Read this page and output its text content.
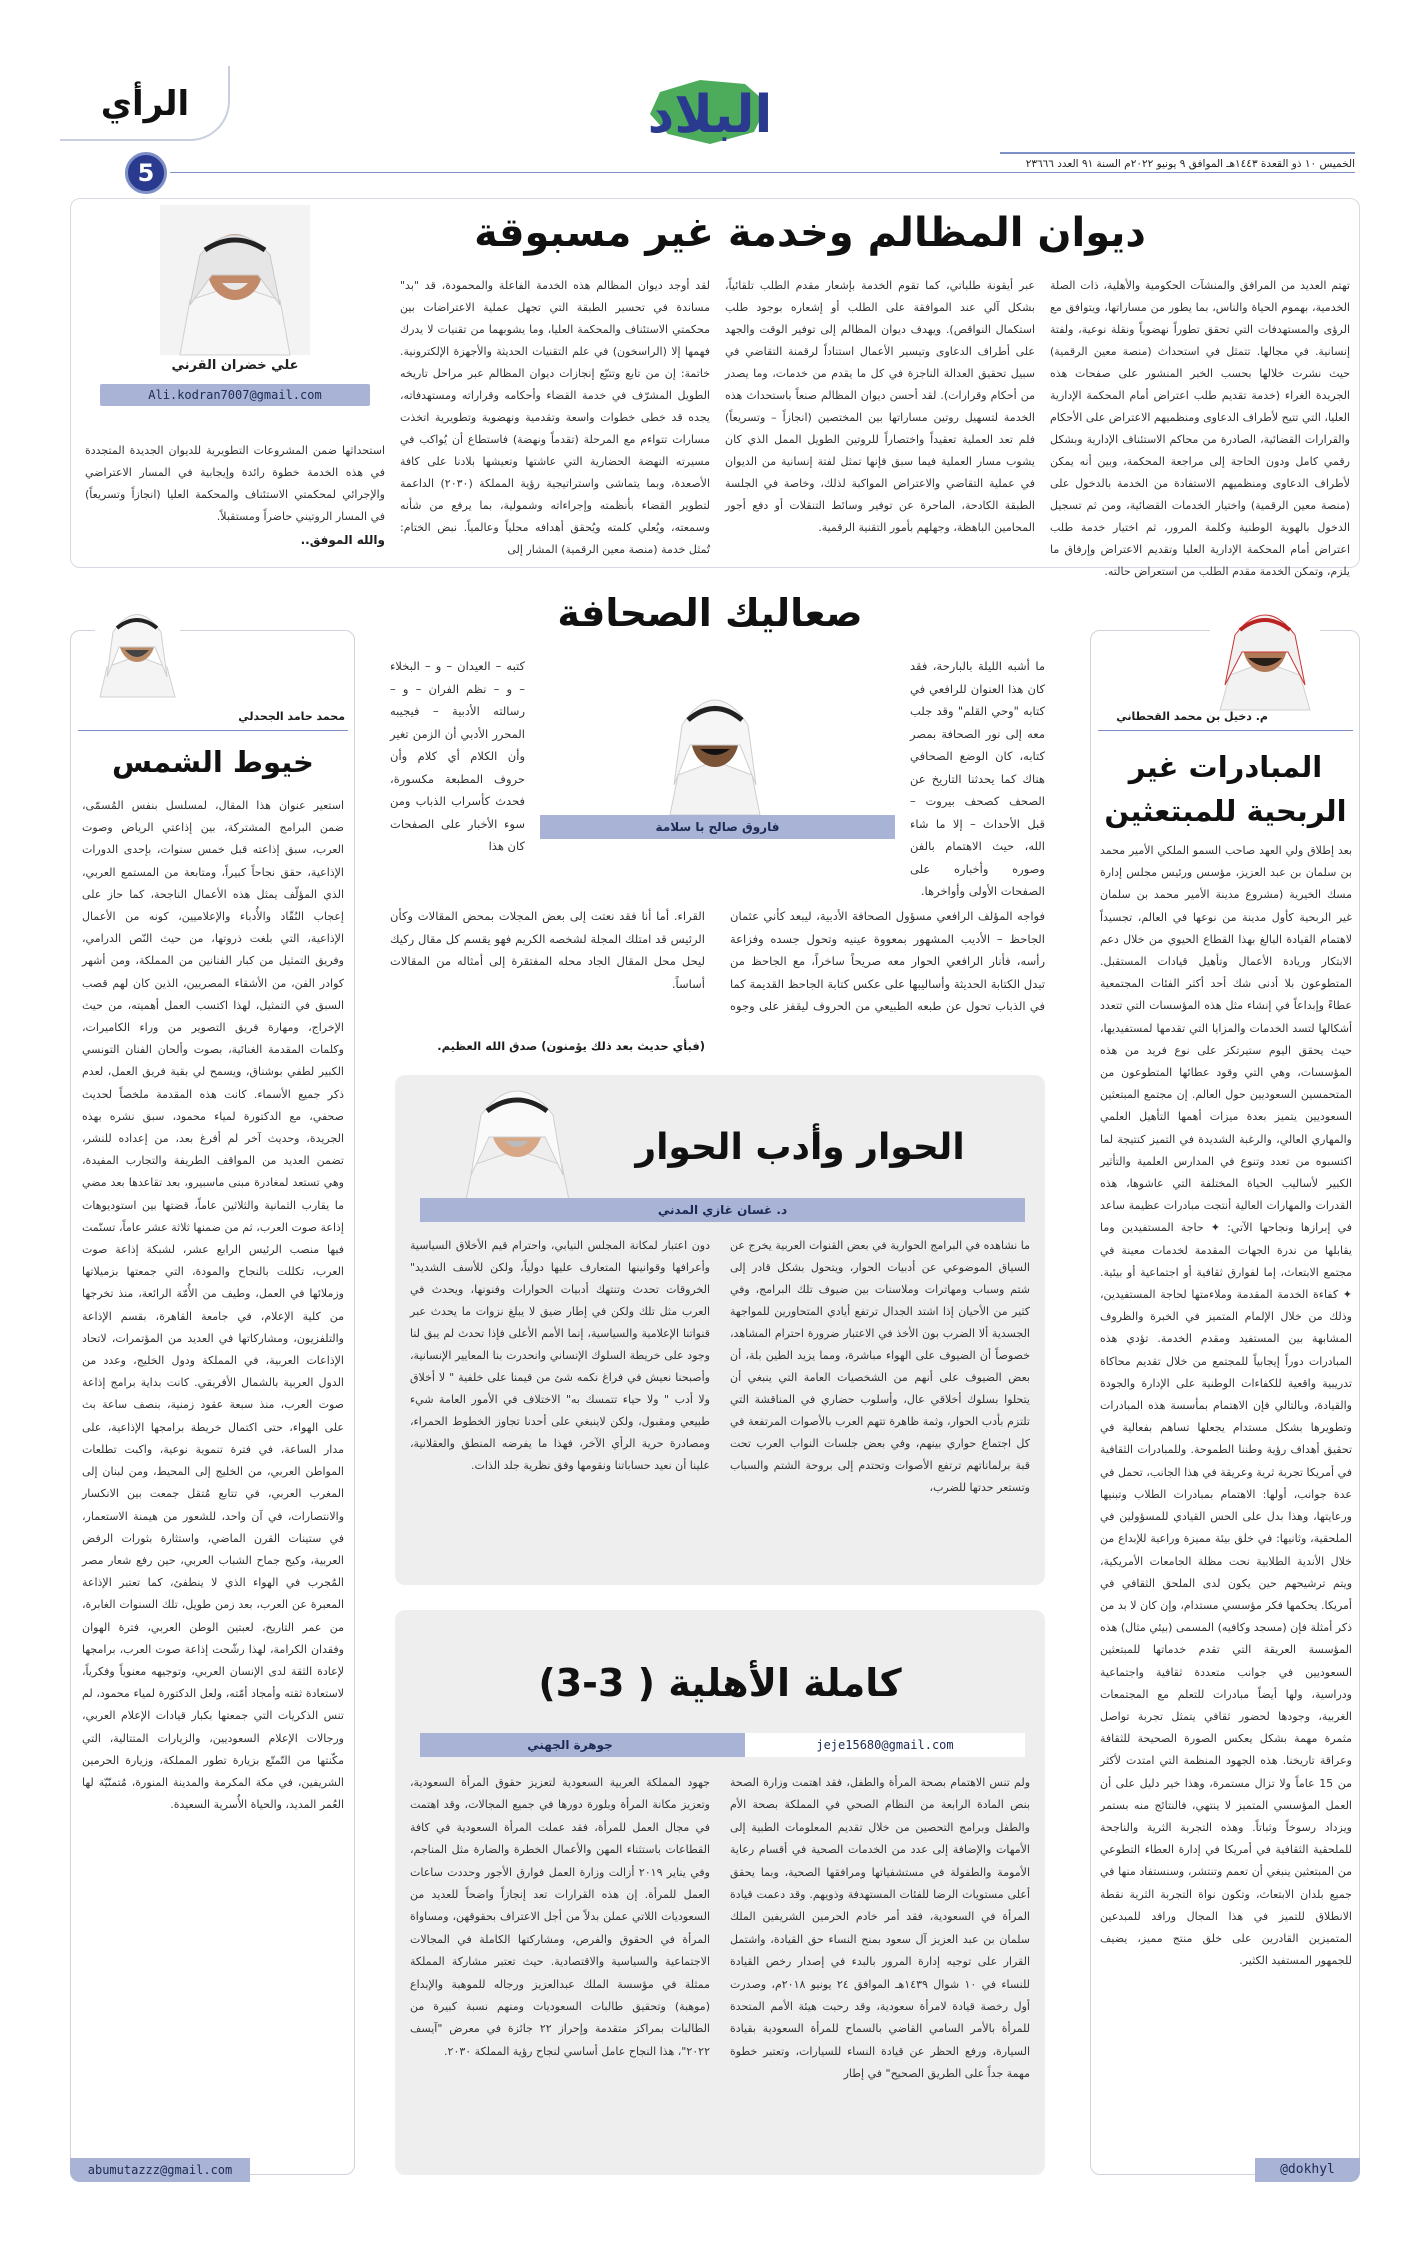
الخميس ١٠ ذو القعدة ١٤٤٣هـ الموافق ٩ يونيو ٢٠٢٢م السنة ٩١ العدد ٢٣٦٦٦
البلاد
الرأي
5
ديوان المظالم وخدمة غير مسبوقة
علي خضران القرني
Ali.kodran7007@gmail.com
تهتم العديد من المرافق والمنشآت الحكومية والأهلية، ذات الصلة الخدمية، بهموم الحياة والناس، بما يطور من مساراتها، ويتوافق مع الرؤى والمستهدفات التي تحقق تطوراً نهضوياً ونقلة نوعية، ولفتة إنسانية. في مجالها. تتمثل في استحداث (منصة معين الرقمية) حيث نشرت خلالها بحسب الخبر المنشور على صفحات هذه الجريدة الغراء (خدمة تقديم طلب اعتراض أمام المحكمة الإدارية العليا، التي تتيح لأطراف الدعاوى ومنظميهم الاعتراض على الأحكام والقرارات القضائية، الصادرة من محاكم الاستئناف الإدارية وبشكل رقمي كامل ودون الحاجة إلى مراجعة المحكمة، وبين أنه يمكن لأطراف الدعاوى ومنظميهم الاستفادة من الخدمة بالدخول على (منصة معين الرقمية) واختيار الخدمات القضائية، ومن ثم تسجيل الدخول بالهوية الوطنية وكلمة المرور، ثم اختيار خدمة طلب اعتراض أمام المحكمة الإدارية العليا وتقديم الاعتراض وإرفاق ما يلزم، وتمكن الخدمة مقدم الطلب من استعراض حالته.
عبر أيقونة طلباتي، كما تقوم الخدمة بإشعار مقدم الطلب تلقائياً، بشكل آلي عند الموافقة على الطلب أو إشعاره بوجود طلب استكمال النواقص). ويهدف ديوان المظالم إلى توفير الوقت والجهد على أطراف الدعاوى وتيسير الأعمال استناداً لرقمنة التقاضي في سبيل تحقيق العدالة الناجزة في كل ما يقدم من خدمات، وما يصدر من أحكام وقرارات). لقد أحسن ديوان المظالم صنعاً باستحداث هذه الخدمة لتسهيل روتين مساراتها بين المختصين (انجازاً – وتسريعاً) فلم تعد العملية تعقيداً واختصاراً للروتين الطويل الممل الذي كان يشوب مسار العملية فيما سبق فإنها تمثل لفتة إنسانية من الديوان في عملية التقاضي والاعتراض المواكبة لذلك، وخاصة في الجلسة الطبقة الكادحة، الماحرة عن توفير وسائط التنقلات أو دفع أجور المحامين الباهظة، وجهلهم بأمور التقنية الرقمية.
لقد أوجد ديوان المظالم هذه الخدمة الفاعلة والمحمودة، قد "بد" مساندة في تحسير الطبقة التي تجهل عملية الاعتراضات بين محكمتي الاستئناف والمحكمة العليا، وما يشوبهما من تقنيات لا يدرك فهمها إلا (الراسخون) في علم التقنيات الحديثة والأجهزة الإلكترونية. خاتمة: إن من تابع وتتبّع إنجازات ديوان المظالم عبر مراحل تاريخه الطويل المشرّف في خدمة القضاء وأحكامه وقراراته ومستهدفاته، يجده قد خطى خطوات واسعة وتقدمية ونهضوية وتطويرية اتخذت مسارات تتواءم مع المرحلة (تقدماً ونهضة) فاستطاع أن يُواكب في مسيرته النهضة الحضارية التي عاشتها وتعيشها بلادنا على كافة الأصعدة، وبما يتماشى واستراتيجية رؤية المملكة (٢٠٣٠) الداعمة لتطوير القضاء بأنظمته وإجراءاته وشمولية، بما يرفع من شأنه وسمعته، ويُعلي كلمته ويُحقق أهدافه محلياً وعالمياً. نبض الختام: تُمثل خدمة (منصة معين الرقمية) المشار إلى
استحداثها ضمن المشروعات التطويرية للديوان الجديدة المتجددة في هذه الخدمة خطوة رائدة وإيجابية في المسار الاعتراضي والإجرائي لمحكمتي الاستئناف والمحكمة العليا (انجازاً وتسريعاً) في المسار الروتيني حاضراً ومستقبلاً.
والله الموفق..
م. دخيل بن محمد القحطاني
المبادرات غير الربحية للمبتعثين
بعد إطلاق ولي العهد صاحب السمو الملكي الأمير محمد بن سلمان بن عبد العزيز، مؤسس ورئيس مجلس إدارة مسك الخيرية (مشروع مدينة الأمير محمد بن سلمان غير الربحية كأول مدينة من نوعها في العالم، تجسيداً لاهتمام القيادة البالغ بهذا القطاع الحيوي من خلال دعم الابتكار وريادة الأعمال وتأهيل قيادات المستقبل. المتطوعون بلا أدنى شك أحد أكثر الفئات المجتمعية عطاءً وإبداعاً في إنشاء مثل هذه المؤسسات التي تتعدد أشكالها لتسد الخدمات والمزايا التي تقدمها لمستفيديها، حيث يحقق اليوم ستيرتكز على نوع فريد من هذه المؤسسات، وهي التي وقود عطائها المتطوعون من المتحمسين السعوديين حول العالم. إن مجتمع المبتعثين السعوديين يتميز بعدة ميزات أهمها التأهيل العلمي والمهاري العالي، والرغبة الشديدة في التميز كنتيجة لما اكتسبوه من تعدد وتنوع في المدارس العلمية والتأثير الكبير لأساليب الحياة المختلفة التي عاشوها، هذه القدرات والمهارات العالية أنتجت مبادرات عظيمة ساعد في إبرازها ونجاحها الآتي: ✦ حاجة المستفيدين وما يقابلها من ندرة الجهات المقدمة لخدمات معينة في مجتمع الابتعاث، إما لفوارق ثقافية أو اجتماعية أو بيئية. ✦ كفاءة الخدمة المقدمة وملاءمتها لحاجة المستفيدين، وذلك من خلال الإلمام المتميز في الخبرة والظروف المشابهة بين المستفيد ومقدم الخدمة. تؤدي هذه المبادرات دوراً إيجابياً للمجتمع من خلال تقديم محاكاة تدريبية واقعية للكفاءات الوطنية على الإدارة والجودة والقيادة، وبالتالي فإن الاهتمام بمأسسة هذه المبادرات وتطويرها بشكل مستدام يجعلها تساهم بفعالية في تحقيق أهداف رؤية وطننا الطموحة. وللمبادرات الثقافية في أمريكا تجربة ثرية وعريقة في هذا الجانب، تحمل في عدة جوانب، أولها: الاهتمام بمبادرات الطلاب وتبنيها ورعايتها، وهذا بدل على الحس القيادي للمسؤولين في الملحقية، وثانيها: في خلق بيئة مميزة وراعية للإبداع من خلال الأندية الطلابية نحت مظلة الجامعات الأمريكية، ويتم ترشيحهم حين يكون لدى الملحق الثقافي في أمريكا. يحكمها فكر مؤسسي مستدام، وإن كان لا بد من ذكر أمثلة فإن (مسجد وكافيه) المسمى (بيئي مثال) هذه المؤسسة العريقة التي تقدم خدماتها للمبتعثين السعوديين في جوانب متعددة ثقافية واجتماعية ودراسية، ولها أيضاً مبادرات للتعلم مع المجتمعات الغربية، وجودها لحضور ثقافي يتمثل تجربة تواصل مثمرة مهمة بشكل يعكس الصورة الصحيحة للثقافة وعراقة تاريخنا. هذه الجهود المنظمة التي امتدت لأكثر من 15 عاماً ولا تزال مستمرة، وهذا خير دليل على أن العمل المؤسسي المتميز لا ينتهي، فالنتائج منه بستمر ويزداد رسوخاً وثباتاً. وهذه التجربة الثرية والناجحة للملحقية الثقافية في أمريكا في إدارة العطاء التطوعي من المبتعثين ينبغي أن تعمم وتنتشر، وسنستفاد منها في جميع بلدان الابتعاث، وتكون نواة التجربة الثرية نقطة الانطلاق للتميز في هذا المجال ورافد للمبدعين المتميزين القادرين على خلق منتج مميز، يضيف للجمهور المستفيد الكثير.
@dokhyl
محمد حامد الجحدلي
خيوط الشمس
استعير عنوان هذا المقال، لمسلسل بنفس المُسمّى، ضمن البرامج المشتركة، بين إذاعتي الرياض وصوت العرب، سبق إذاعته قبل خمس سنوات، بإحدى الدورات الإذاعية، حقق نجاحاً كبيراً، ومتابعة من المستمع العربي، الذي المؤلّف يمثل هذه الأعمال الناجحة، كما حاز على إعجاب النُقّاد والأُدباء والإعلاميين، كونه من الأعمال الإذاعية، التي بلغت ذروتها، من حيث النّص الدرامي، وفريق التمثيل من كبار الفنانين من المملكة، ومن أشهر كوادر الفن، من الأشقاء المصريين، الذين كان لهم قصب السبق في التمثيل، لهذا اكتسب العمل أهميته، من حيث الإخراج، ومهارة فريق التصوير من وراء الكاميرات، وكلمات المقدمة الغنائية، بصوت وألحان الفنان التونسي الكبير لطفي بوشناق، ويسمح لي بقية فريق العمل، لعدم ذكر جميع الأسماء. كانت هذه المقدمة ملخصاً لحديث صحفي، مع الدكتورة لمياء محمود، سبق نشره بهذه الجريدة، وحديث آخر لم أفرغ بعد، من إعداده للنشر، تضمن العديد من المواقف الطريفة والتجارب المفيدة، وهي تستعد لمغادرة مبنى ماسبيرو، بعد تقاعدها بعد مضي ما يقارب الثمانية والثلاثين عاماً، قضتها بين استوديوهات إذاعة صوت العرب، ثم من ضمنها ثلاثة عشر عاماً، تسنّمت فيها منصب الرئيس الرابع عشر، لشبكة إذاعة صوت العرب، تكللت بالنجاح والمودة، التي جمعتها بزميلاتها وزملائها في العمل، وطيف من الأُمّة الرائعة، منذ تخرجها من كلية الإعلام، في جامعة القاهرة، بقسم الإذاعة والتلفزيون، ومشاركاتها في العديد من المؤتمرات، لاتحاد الإذاعات العربية، في المملكة ودول الخليج، وعدد من الدول العربية بالشمال الأفريقي. كانت بداية برامج إذاعة صوت العرب، منذ سبعة عقود زمنية، بنصف ساعة بث على الهواء، حتى اكتمال خريطة برامجها الإذاعية، على مدار الساعة، في فترة تنموية نوعية، واكبت تطلعات المواطن العربي، من الخليج إلى المحيط، ومن لبنان إلى المغرب العربي، في تتابع مُتقل جمعت بين الانكسار والانتصارات، في آن واحد، للشعور من هيمنة الاستعمار، في ستينات القرن الماضي، واستثارة بثورات الرفض العربية، وكيح جماح الشباب العربي، حين رفع شعار مصر المُجرب في الهواء الذي لا ينطفئ، كما تعتبر الإذاعة المعبرة عن العرب، بعد زمن طويل، تلك السنوات الغابرة، من عمر التاريخ، لعبتين الوطن العربي، فترة الهوان وفقدان الكرامة، لهذا رشّحت إذاعة صوت العرب، برامجها لإعادة الثقة لدى الإنسان العربي، وتوجيهه معنوياً وفكرياً، لاستعادة ثقته وأمجاد أمّته، ولعل الدكتورة لمياء محمود، لم تنس الذكريات التي جمعتها بكبار قيادات الإعلام العربي، ورجالات الإعلام السعوديين، والزيارات المتتالية، التي مكّنتها من التّمتّع بزيارة تطور المملكة، وزيارة الحرمين الشريفين، في مكة المكرمة والمدينة المنورة، مُتمنّيّة لها العُمر المديد، والحياة الأُسرية السعيدة.
abumutazzz@gmail.com
صعاليك الصحافة
ما أشبه الليلة بالبارحة، فقد كان هذا العنوان للرافعي في كتابه "وحي القلم" وقد جلب معه إلى نور الصحافة بمصر كتابه، كان الوضع الصحافي هناك كما يحدثنا التاريخ عن الصحف كصحف بيروت – قبل الأحداث – إلا ما شاء الله، حيث الاهتمام بالفن وصوره وأخباره على الصفحات الأولى وأواخرها.
فاروق صالح با سلامة
كتبه – العيدان – و – البخلاء – و – نظم الفران – و – رسالته الأدبية – فيجيبه المحرر الأدبي أن الزمن تغير وأن الكلام أي كلام وأن حروف المطبعة مكسورة، فحدث كأسراب الذباب ومن سوء الأخبار على الصفحات كان هذا
فواجه المؤلف الرافعي مسؤول الصحافة الأدبية، ليبعد كأني عثمان الجاحظ – الأديب المشهور بمعووة عينيه وتحول جسده وفزاعة رأسه، فأنار الرافعي الحوار معه صريحاً ساخراً، مع الجاحظ من تبدل الكتابة الحديثة وأساليبها على عكس كتابة الجاحظ القديمة كما في الذباب تحول عن طبعه الطبيعي من الحروف ليقفز على وجوه القراء. أما أنا فقد نعتت إلى بعض المجلات بمحض المقالات وكأن الرئيس قد امتلك المجلة لشخصه الكريم فهو يقسم كل مقال ركيك ليحل محل المقال الجاد محله المفتقرة إلى أمثاله من المقالات أساساً.
(فبأي حديث بعد ذلك يؤمنون) صدق الله العظيم.
الحوار وأدب الحوار
د. غسان غازي المدني
ما نشاهده في البرامج الحوارية في بعض القنوات العربية يخرج عن السياق الموضوعي عن أدبيات الحوار، ويتحول بشكل قادر إلى شتم وسباب ومهاترات وملاسنات بين ضيوف تلك البرامج، وفي كثير من الأحيان إذا اشتد الجدال ترتفع أيادي المتحاورين للمواجهة الجسدية ألا الضرب بون الأخذ في الاعتبار ضرورة احترام المشاهد، خصوصاً أن الضيوف على الهواء مباشرة، ومما يزيد الطين بلة، أن بعض الضيوف على أنهم من الشخصيات العامة التي ينبغي أن يتحلوا بسلوك أخلاقي عال، وأسلوب حضاري في المناقشة التي تلتزم بأدب الحوار، وثمة ظاهرة تتهم العرب بالأصوات المرتفعة في كل اجتماع حواري بينهم، وفي بعض جلسات النواب العرب تحت قبة برلماناتهم ترتفع الأصوات وتحتدم إلى بروحة الشتم والسباب وتستعر حدتها للضرب،
دون اعتبار لمكانة المجلس النيابي، واحترام قيم الأخلاق السياسية وأعرافها وقوانينها المتعارف عليها دولياً، ولكن للأسف الشديد" الخروقات تحدث وتنتهك أدبيات الحوارات وفنونها، ويحدث في العرب مثل تلك ولكن في إطار ضيق لا يبلغ نزوات ما يحدث عبر قنواتنا الإعلامية والسياسية، إنما الأمم الأعلى فإذا تحدث لم يبق لنا وجود على خريطة السلوك الإنساني وانحدرت بنا المعايير الإنسانية، وأصبحنا نعيش في فراغ نكمه شئ من قيمنا على خلفية " لا أخلاق ولا أدب " ولا حياء تتمسك به" الاختلاف في الأمور العامة شيء طبيعي ومقبول، ولكن لاينبغي على أحدنا تجاوز الخطوط الحمراء، ومصادرة حرية الرأي الآخر، فهذا ما يفرضه المنطق والعقلانية، علينا أن نعيد حساباتنا ونقومها وفق نظرية جلد الذات.
كاملة الأهلية ( 3-3)
جوهرة الجهني	jeje15680@gmail.com
ولم تنس الاهتمام بصحة المرأة والطفل، فقد اهتمت وزارة الصحة بنص المادة الرابعة من النظام الصحي في المملكة بصحة الأم والطفل وبرامج التحصين من خلال تقديم المعلومات الطبية إلى الأمهات والإضافة إلى عدد من الخدمات الصحية في أقسام رعاية الأمومة والطفولة في مستشفياتها ومرافقها الصحية، وبما يحقق أعلى مستويات الرضا للفئات المستهدفة وذويهم. وقد دعمت قيادة المرأة في السعودية، فقد أمر خادم الحرمين الشريفين الملك سلمان بن عبد العزيز آل سعود بمنح النساء حق القيادة، واشتمل القرار على توجيه إدارة المرور بالبدء في إصدار رخص القيادة للنساء في ١٠ شوال ١٤٣٩هـ الموافق ٢٤ يونيو ٢٠١٨م، وصدرت أول رخصة قيادة لامرأة سعودية، وقد رحبت هيئة الأمم المتحدة للمرأة بالأمر السامي القاضي بالسماح للمرأة السعودية بقيادة السيارة، ورفع الحظر عن قيادة النساء للسيارات، وتعتبر خطوة مهمة جداً على الطريق الصحيح" في إطار
جهود المملكة العربية السعودية لتعزيز حقوق المرأة السعودية، وتعزيز مكانة المرأة وبلورة دورها في جميع المجالات، وقد اهتمت في مجال العمل للمرأة، فقد عملت المرأة السعودية في كافة القطاعات باستثناء المهن والأعمال الخطرة والضارة مثل المناجم، وفي يناير ٢٠١٩ أزالت وزارة العمل فوارق الأجور وحددت ساعات العمل للمرأة. إن هذه القرارات تعد إنجازاً واضحاً للعديد من السعوديات اللاتي عملن بدلاً من أجل الاعتراف بحقوقهن، ومساواة المرأة في الحقوق والفرص، ومشاركتها الكاملة في المجالات الاجتماعية والسياسية والاقتصادية. حيث تعتبر مشاركة المملكة ممثلة في مؤسسة الملك عبدالعزيز ورجاله للموهبة والإبداع (موهبة) وتحقيق طالبات السعوديات ومنهم نسبة كبيرة من الطالبات بمراكز متقدمة وإحراز ٢٢ جائزة في معرض "آيسف ٢٠٢٢"، هذا النجاح عامل أساسي لنجاح رؤية المملكة ٢٠٣٠.
